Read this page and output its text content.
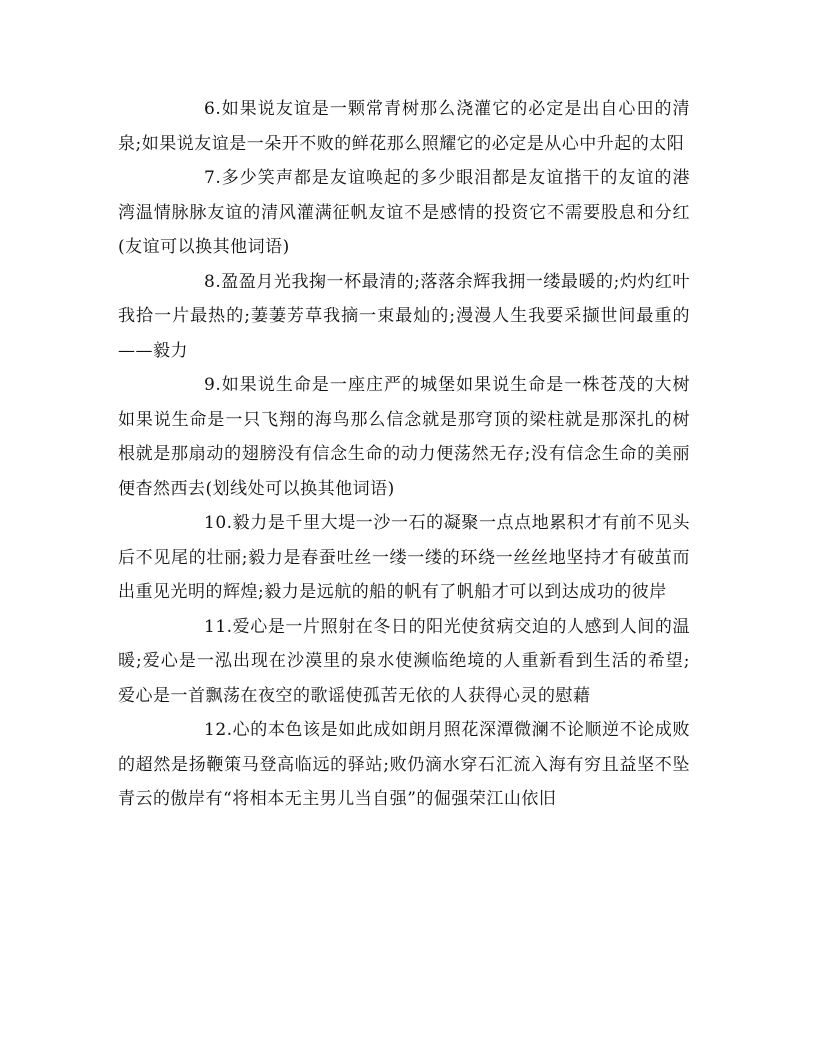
6.如果说友谊是一颗常青树那么浇灌它的必定是出自心田的清泉;如果说友谊是一朵开不败的鲜花那么照耀它的必定是从心中升起的太阳

7.多少笑声都是友谊唤起的多少眼泪都是友谊揩干的友谊的港湾温情脉脉友谊的清风灌满征帆友谊不是感情的投资它不需要股息和分红(友谊可以换其他词语)

8.盈盈月光我掬一杯最清的;落落余辉我拥一缕最暖的;灼灼红叶我拾一片最热的;萋萋芳草我摘一束最灿的;漫漫人生我要采撷世间最重的——毅力

9.如果说生命是一座庄严的城堡如果说生命是一株苍茂的大树如果说生命是一只飞翔的海鸟那么信念就是那穹顶的梁柱就是那深扎的树根就是那扇动的翅膀没有信念生命的动力便荡然无存;没有信念生命的美丽便杳然西去(划线处可以换其他词语)

10.毅力是千里大堤一沙一石的凝聚一点点地累积才有前不见头后不见尾的壮丽;毅力是春蚕吐丝一缕一缕的环绕一丝丝地坚持才有破茧而出重见光明的辉煌;毅力是远航的船的帆有了帆船才可以到达成功的彼岸

11.爱心是一片照射在冬日的阳光使贫病交迫的人感到人间的温暖;爱心是一泓出现在沙漠里的泉水使濒临绝境的人重新看到生活的希望;爱心是一首飘荡在夜空的歌谣使孤苦无依的人获得心灵的慰藉

12.心的本色该是如此成如朗月照花深潭微澜不论顺逆不论成败的超然是扬鞭策马登高临远的驿站;败仍滴水穿石汇流入海有穷且益坚不坠青云的傲岸有“将相本无主男儿当自强”的倔强荣江山依旧
